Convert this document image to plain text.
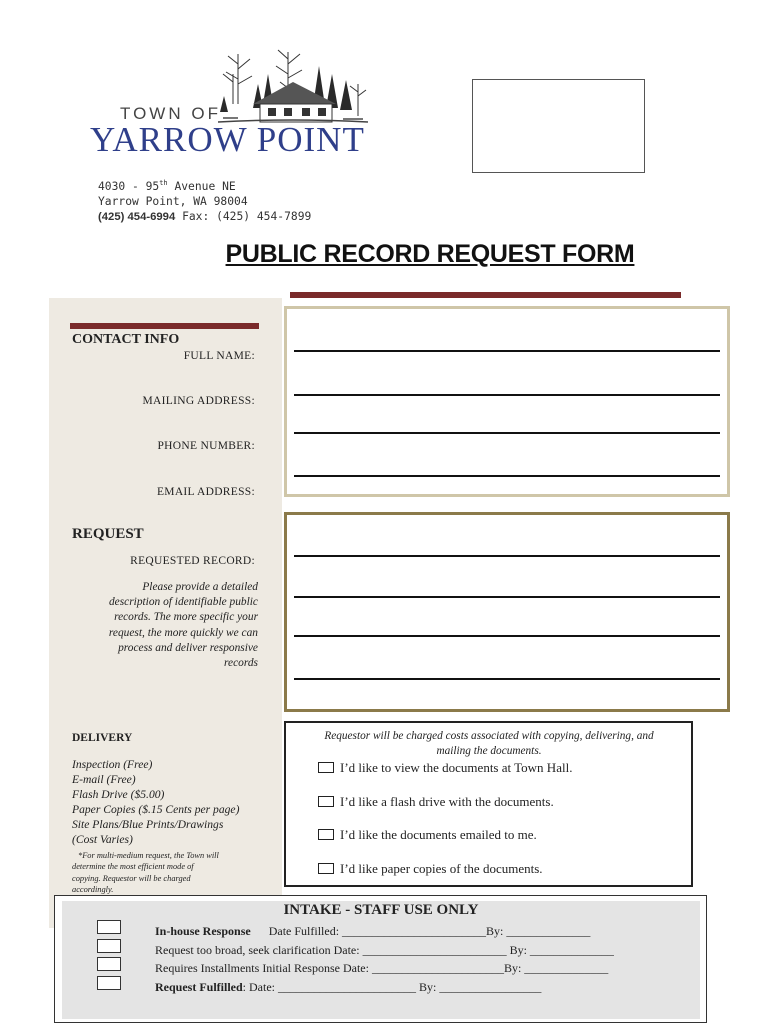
TOWN OF
YARROW POINT
4030 - 95th Avenue NE
Yarrow Point, WA 98004
(425) 454-6994 Fax: (425) 454-7899
PUBLIC RECORD REQUEST FORM
CONTACT INFO
FULL NAME:
MAILING ADDRESS:
PHONE NUMBER:
EMAIL ADDRESS:
REQUEST
REQUESTED RECORD:
Please provide a detailed
description of identifiable public
records. The more specific your
request, the more quickly we can
process and deliver responsive
records
DELIVERY
Inspection (Free)
E-mail (Free)
Flash Drive ($5.00)
Paper Copies ($.15 Cents per page)
Site Plans/Blue Prints/Drawings
(Cost Varies)
*For multi-medium request, the Town will
determine the most efficient mode of
copying. Requestor will be charged
accordingly.
Requestor will be charged costs associated with copying, delivering, and
mailing the documents.
I’d like to view the documents at Town Hall.
I’d like a flash drive with the documents.
I’d like the documents emailed to me.
I’d like paper copies of the documents.
INTAKE - STAFF USE ONLY
In-house Response      Date Fulfilled: ________________________By: ______________
Request too broad, seek clarification Date: ________________________ By: ______________
Requires Installments Initial Response Date: ______________________By: ______________
Request Fulfilled: Date: _______________________ By: _________________
